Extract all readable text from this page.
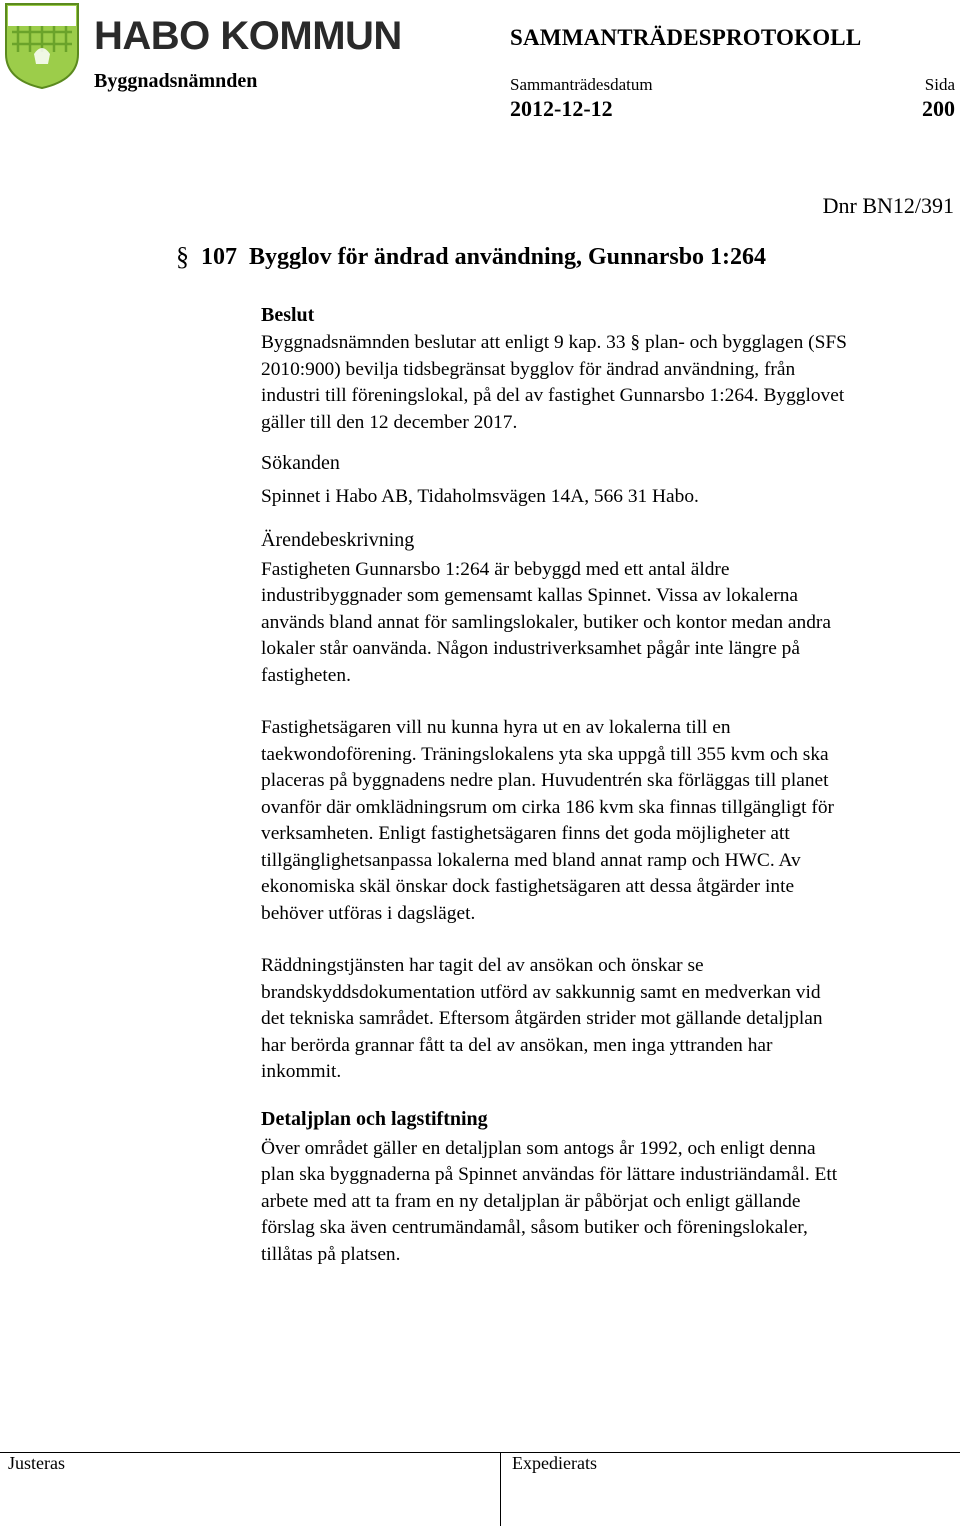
HABO KOMMUN
Byggnadsnämnden
SAMMANTRÄDESPROTOKOLL
Sammanträdesdatum
2012-12-12
Sida
200
Dnr BN12/391
§ 107  Bygglov för ändrad användning, Gunnarsbo 1:264
Beslut

Byggnadsnämnden beslutar att enligt 9 kap. 33 § plan- och bygglagen (SFS
2010:900) bevilja tidsbegränsat bygglov för ändrad användning, från
industri till föreningslokal, på del av fastighet Gunnarsbo 1:264. Bygglovet
gäller till den 12 december 2017.

Sökanden

Spinnet i Habo AB, Tidaholmsvägen 14A, 566 31 Habo.

Ärendebeskrivning

Fastigheten Gunnarsbo 1:264 är bebyggd med ett antal äldre
industribyggnader som gemensamt kallas Spinnet. Vissa av lokalerna
används bland annat för samlingslokaler, butiker och kontor medan andra
lokaler står oanvända. Någon industriverksamhet pågår inte längre på
fastigheten.

Fastighetsägaren vill nu kunna hyra ut en av lokalerna till en
taekwondoförening. Träningslokalens yta ska uppgå till 355 kvm och ska
placeras på byggnadens nedre plan. Huvudentrén ska förläggas till planet
ovanför där omklädningsrum om cirka 186 kvm ska finnas tillgängligt för
verksamheten. Enligt fastighetsägaren finns det goda möjligheter att
tillgänglighetsanpassa lokalerna med bland annat ramp och HWC. Av
ekonomiska skäl önskar dock fastighetsägaren att dessa åtgärder inte
behöver utföras i dagsläget.

Räddningstjänsten har tagit del av ansökan och önskar se
brandskyddsdokumentation utförd av sakkunnig samt en medverkan vid
det tekniska samrådet. Eftersom åtgärden strider mot gällande detaljplan
har berörda grannar fått ta del av ansökan, men inga yttranden har
inkommit.

Detaljplan och lagstiftning

Över området gäller en detaljplan som antogs år 1992, och enligt denna
plan ska byggnaderna på Spinnet användas för lättare industriändamål. Ett
arbete med att ta fram en ny detaljplan är påbörjat och enligt gällande
förslag ska även centrumändamål, såsom butiker och föreningslokaler,
tillåtas på platsen.

Justeras	Expedierats
